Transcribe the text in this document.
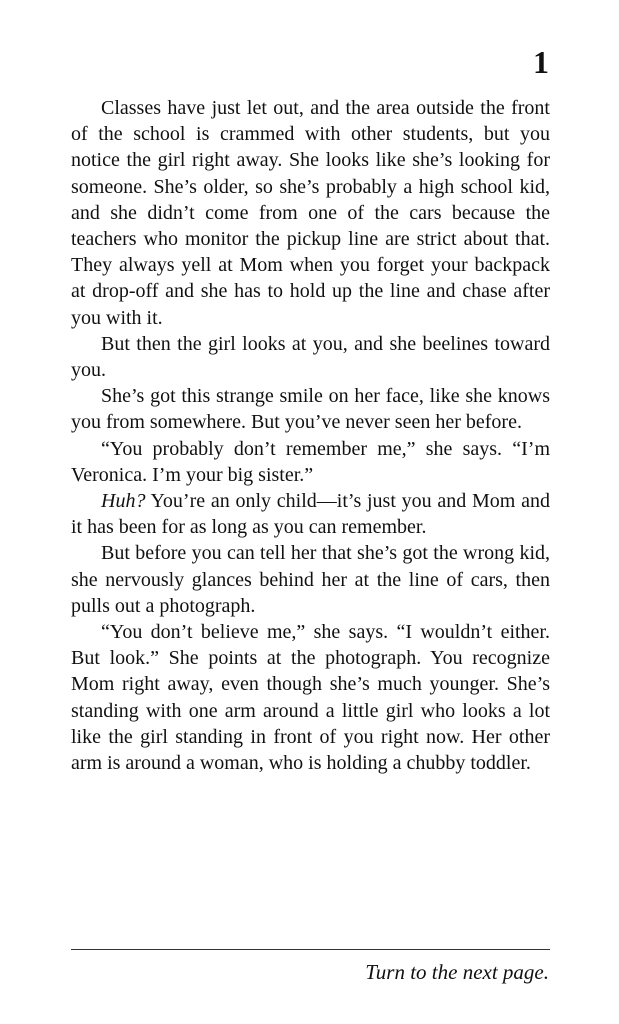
1

Classes have just let out, and the area outside the front of the school is crammed with other students, but you notice the girl right away. She looks like she’s looking for someone. She’s older, so she’s probably a high school kid, and she didn’t come from one of the cars because the teachers who monitor the pickup line are strict about that. They always yell at Mom when you forget your backpack at drop-off and she has to hold up the line and chase after you with it.

But then the girl looks at you, and she beelines toward you.

She’s got this strange smile on her face, like she knows you from somewhere. But you’ve never seen her before.

“You probably don’t remember me,” she says. “I’m Veronica. I’m your big sister.”

Huh? You’re an only child—it’s just you and Mom and it has been for as long as you can remember.

But before you can tell her that she’s got the wrong kid, she nervously glances behind her at the line of cars, then pulls out a photograph.

“You don’t believe me,” she says. “I wouldn’t either. But look.” She points at the photograph. You recognize Mom right away, even though she’s much younger. She’s standing with one arm around a little girl who looks a lot like the girl standing in front of you right now. Her other arm is around a woman, who is holding a chubby toddler.

Turn to the next page.
